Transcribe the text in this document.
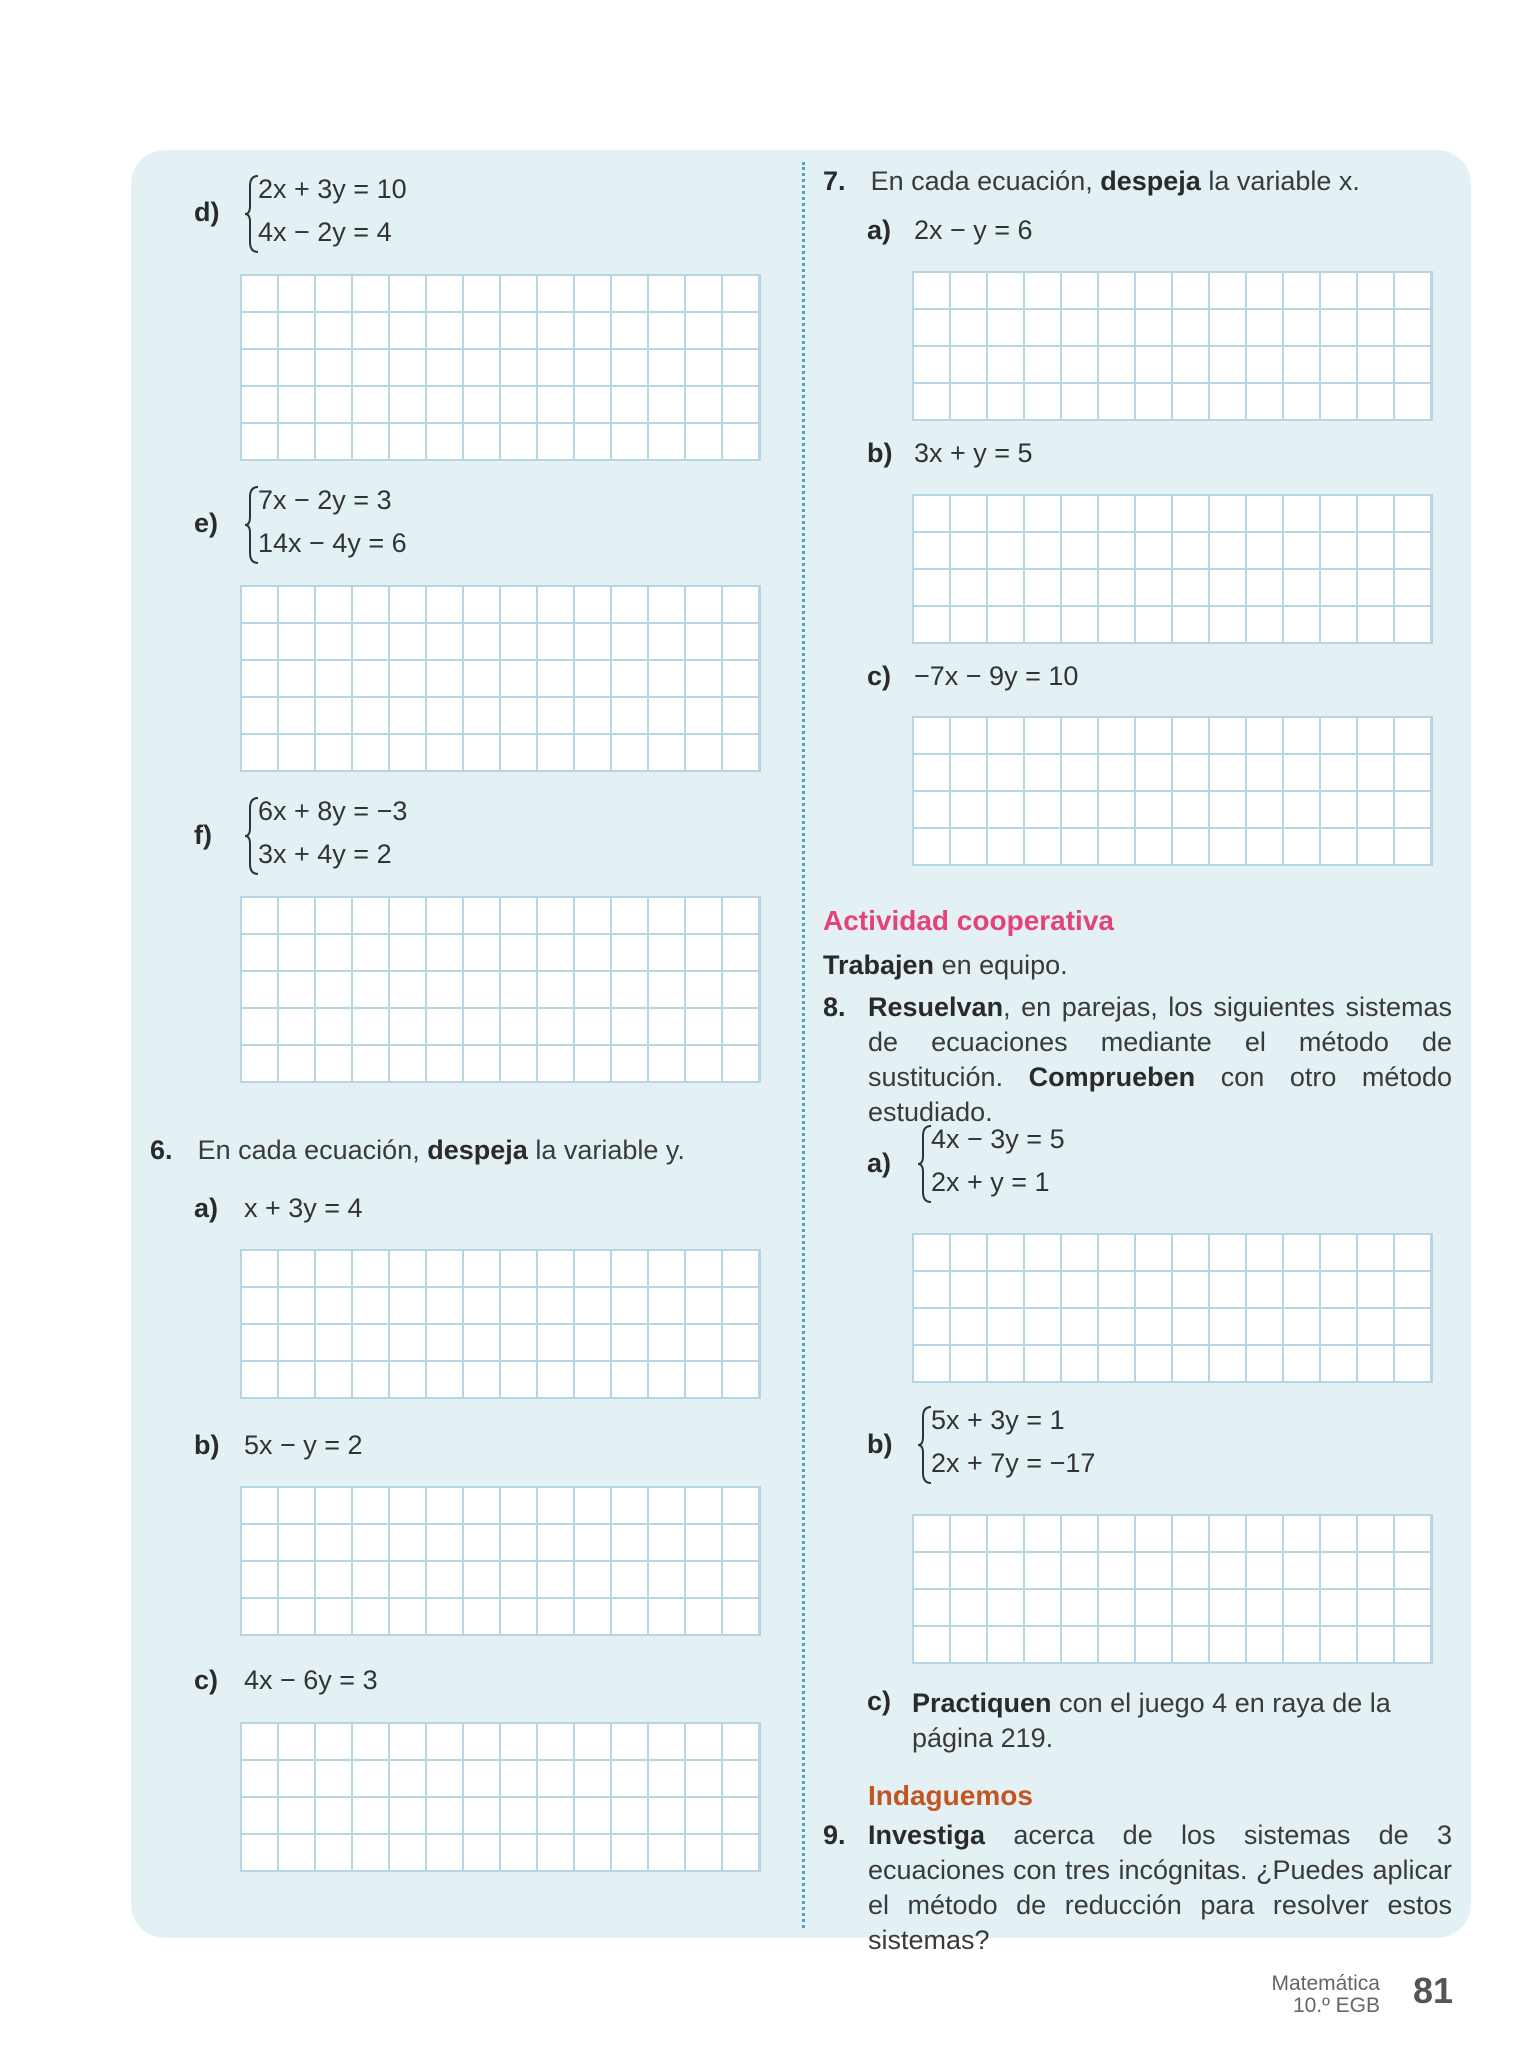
d)
2x + 3y = 10
4x − 2y = 4
e)
7x − 2y = 3
14x − 4y = 6
f)
6x + 8y = −3
3x + 4y = 2
6. En cada ecuación, despeja la variable y.
a) x + 3y = 4
b) 5x − y = 2
c) 4x − 6y = 3
7. En cada ecuación, despeja la variable x.
a) 2x − y = 6
b) 3x + y = 5
c) −7x − 9y = 10
Actividad cooperativa
Trabajen en equipo.
8. Resuelvan, en parejas, los siguientes sistemas de ecuaciones mediante el método de sustitución. Comprueben con otro método estudiado.
a)
4x − 3y = 5
2x + y = 1
b)
5x + 3y = 1
2x + 7y = −17
c) Practiquen con el juego 4 en raya de la página 219.
Indaguemos
9. Investiga acerca de los sistemas de 3 ecuaciones con tres incógnitas. ¿Puedes aplicar el método de reducción para resolver estos sistemas?
Matemática
10.º EGB 81
